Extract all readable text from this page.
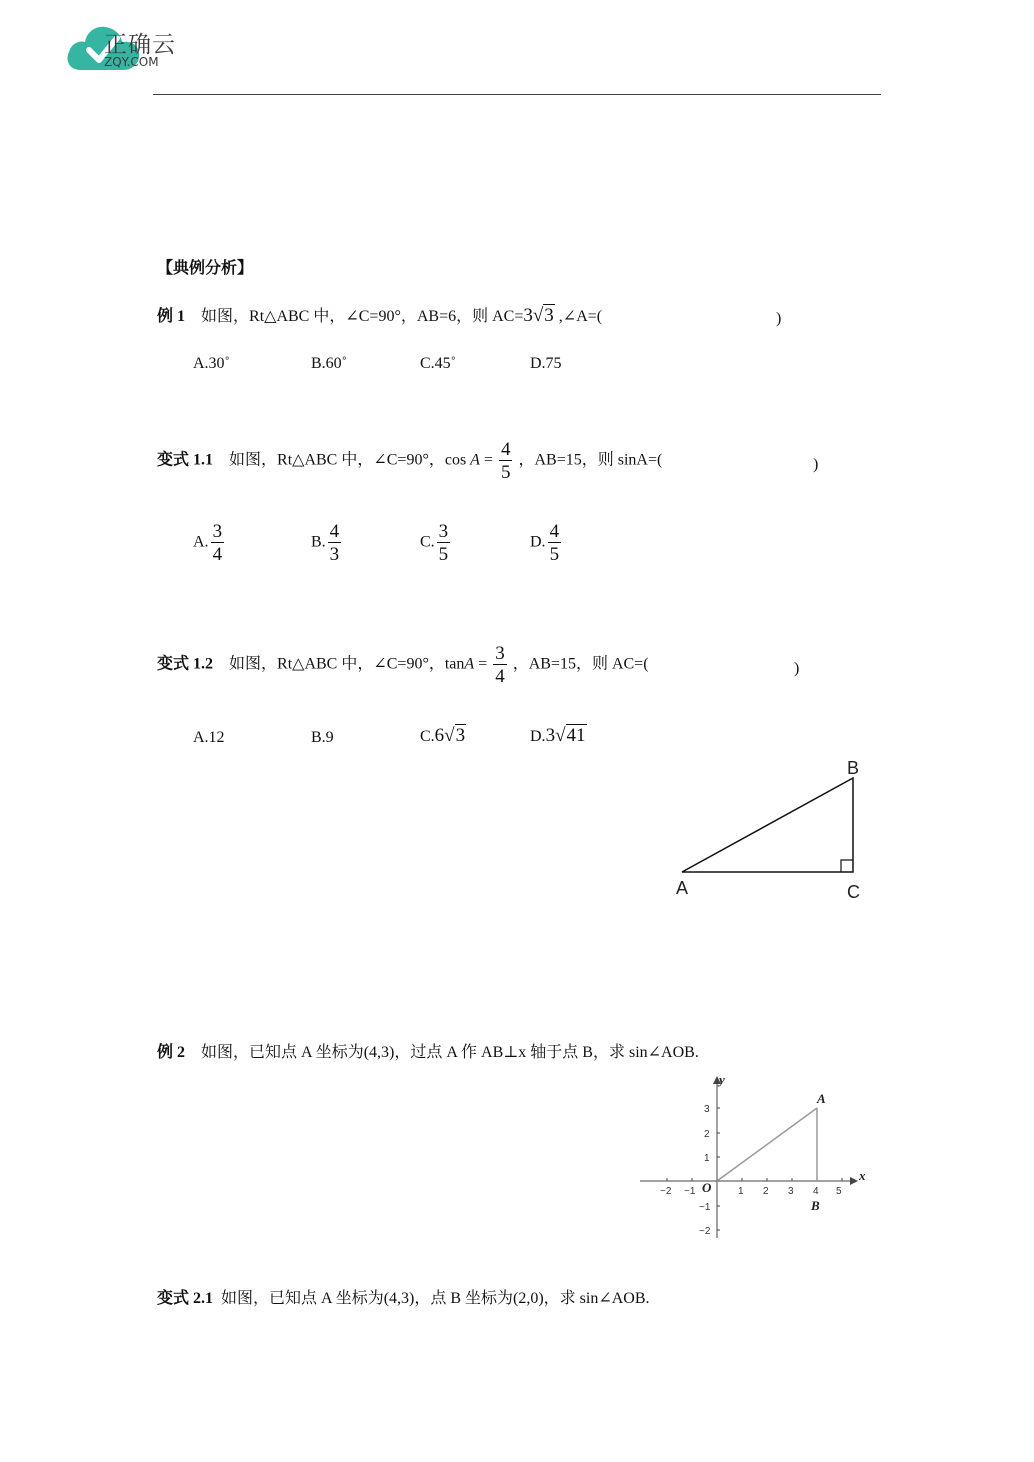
正确云
ZQY.COM
【典例分析】
例 1 如图，Rt△ABC 中，∠C=90°，AB=6，则 AC=3√3 ,∠A=(	)
A.30˚	B.60˚	C.45˚	D.75
变式 1.1 如图，Rt△ABC 中，∠C=90°，$\cos A = \frac{4}{5}$ ，AB=15，则 sinA=(	)
A. $\frac{3}{4}$	B. $\frac{4}{3}$	C. $\frac{3}{5}$	D. $\frac{4}{5}$
变式 1.2 如图，Rt△ABC 中，∠C=90°，$\tan A = \frac{3}{4}$ ，AB=15，则 AC=(	)
A.12	B.9	C.6√3	D.3√41
A
B
C
例 2 如图，已知点 A 坐标为(4,3)，过点 A 作 AB⊥x 轴于点 B，求 sin∠AOB.
−2 −1	1 2 3 4 5
3
2
1
−1
−2
x
y
O
A
B
变式 2.1 如图，已知点 A 坐标为(4,3)，点 B 坐标为(2,0)，求 sin∠AOB.
